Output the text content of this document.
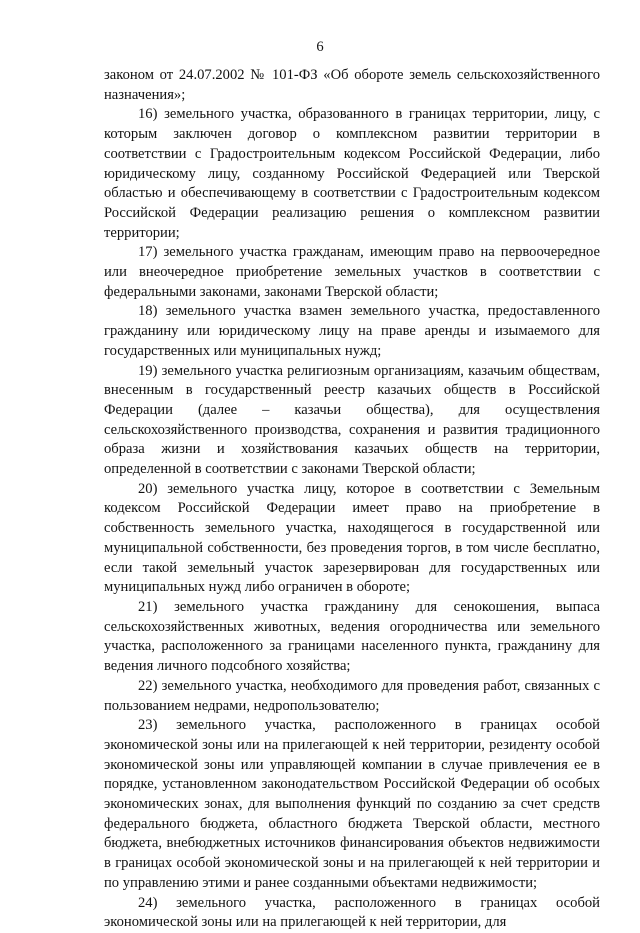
6

законом от 24.07.2002 № 101-ФЗ «Об обороте земель сельскохозяйственного назначения»;

16) земельного участка, образованного в границах территории, лицу, с которым заключен договор о комплексном развитии территории в соответствии с Градостроительным кодексом Российской Федерации, либо юридическому лицу, созданному Российской Федерацией или Тверской областью и обеспечивающему в соответствии с Градостроительным кодексом Российской Федерации реализацию решения о комплексном развитии территории;

17) земельного участка гражданам, имеющим право на первоочередное или внеочередное приобретение земельных участков в соответствии с федеральными законами, законами Тверской области;

18) земельного участка взамен земельного участка, предоставленного гражданину или юридическому лицу на праве аренды и изымаемого для государственных или муниципальных нужд;

19) земельного участка религиозным организациям, казачьим обществам, внесенным в государственный реестр казачьих обществ в Российской Федерации (далее – казачьи общества), для осуществления сельскохозяйственного производства, сохранения и развития традиционного образа жизни и хозяйствования казачьих обществ на территории, определенной в соответствии с законами Тверской области;

20) земельного участка лицу, которое в соответствии с Земельным кодексом Российской Федерации имеет право на приобретение в собственность земельного участка, находящегося в государственной или муниципальной собственности, без проведения торгов, в том числе бесплатно, если такой земельный участок зарезервирован для государственных или муниципальных нужд либо ограничен в обороте;

21) земельного участка гражданину для сенокошения, выпаса сельскохозяйственных животных, ведения огородничества или земельного участка, расположенного за границами населенного пункта, гражданину для ведения личного подсобного хозяйства;

22) земельного участка, необходимого для проведения работ, связанных с пользованием недрами, недропользователю;

23) земельного участка, расположенного в границах особой экономической зоны или на прилегающей к ней территории, резиденту особой экономической зоны или управляющей компании в случае привлечения ее в порядке, установленном законодательством Российской Федерации об особых экономических зонах, для выполнения функций по созданию за счет средств федерального бюджета, областного бюджета Тверской области, местного бюджета, внебюджетных источников финансирования объектов недвижимости в границах особой экономической зоны и на прилегающей к ней территории и по управлению этими и ранее созданными объектами недвижимости;

24) земельного участка, расположенного в границах особой экономической зоны или на прилегающей к ней территории, для
